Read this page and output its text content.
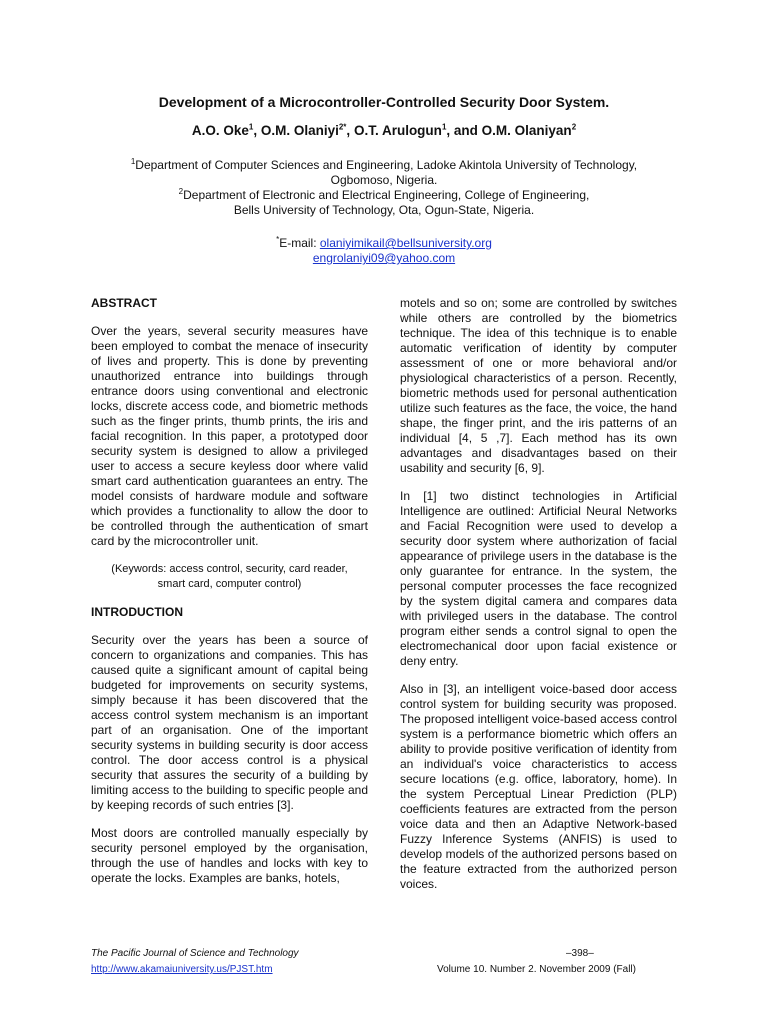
Development of a Microcontroller-Controlled Security Door System.
A.O. Oke$^1$, O.M. Olaniyi$^{2*}$, O.T. Arulogun$^1$, and O.M. Olaniyan$^2$
$^1$Department of Computer Sciences and Engineering, Ladoke Akintola University of Technology,
Ogbomoso, Nigeria.
$^2$Department of Electronic and Electrical Engineering, College of Engineering,
Bells University of Technology, Ota, Ogun-State, Nigeria.
*E-mail: olaniyimikail@bellsuniversity.org
engrolaniyi09@yahoo.com
ABSTRACT

Over the years, several security measures have been employed to combat the menace of insecurity of lives and property. This is done by preventing unauthorized entrance into buildings through entrance doors using conventional and electronic locks, discrete access code, and biometric methods such as the finger prints, thumb prints, the iris and facial recognition. In this paper, a prototyped door security system is designed to allow a privileged user to access a secure keyless door where valid smart card authentication guarantees an entry. The model consists of hardware module and software which provides a functionality to allow the door to be controlled through the authentication of smart card by the microcontroller unit.

(Keywords: access control, security, card reader,
smart card, computer control)
INTRODUCTION

Security over the years has been a source of concern to organizations and companies. This has caused quite a significant amount of capital being budgeted for improvements on security systems, simply because it has been discovered that the access control system mechanism is an important part of an organisation. One of the important security systems in building security is door access control. The door access control is a physical security that assures the security of a building by limiting access to the building to specific people and by keeping records of such entries [3].

Most doors are controlled manually especially by security personel employed by the organisation, through the use of handles and locks with key to operate the locks. Examples are banks, hotels,

motels and so on; some are controlled by switches while others are controlled by the biometrics technique. The idea of this technique is to enable automatic verification of identity by computer assessment of one or more behavioral and/or physiological characteristics of a person. Recently, biometric methods used for personal authentication utilize such features as the face, the voice, the hand shape, the finger print, and the iris patterns of an individual [4, 5 ,7]. Each method has its own advantages and disadvantages based on their usability and security [6, 9].

In [1] two distinct technologies in Artificial Intelligence are outlined: Artificial Neural Networks and Facial Recognition were used to develop a security door system where authorization of facial appearance of privilege users in the database is the only guarantee for entrance. In the system, the personal computer processes the face recognized by the system digital camera and compares data with privileged users in the database. The control program either sends a control signal to open the electromechanical door upon facial existence or deny entry.

Also in [3], an intelligent voice-based door access control system for building security was proposed. The proposed intelligent voice-based access control system is a performance biometric which offers an ability to provide positive verification of identity from an individual's voice characteristics to access secure locations (e.g. office, laboratory, home). In the system Perceptual Linear Prediction (PLP) coefficients features are extracted from the person voice data and then an Adaptive Network-based Fuzzy Inference Systems (ANFIS) is used to develop models of the authorized persons based on the feature extracted from the authorized person voices.

The Pacific Journal of Science and Technology
http://www.akamaiuniversity.us/PJST.htm
–398–
Volume 10. Number 2. November 2009 (Fall)
